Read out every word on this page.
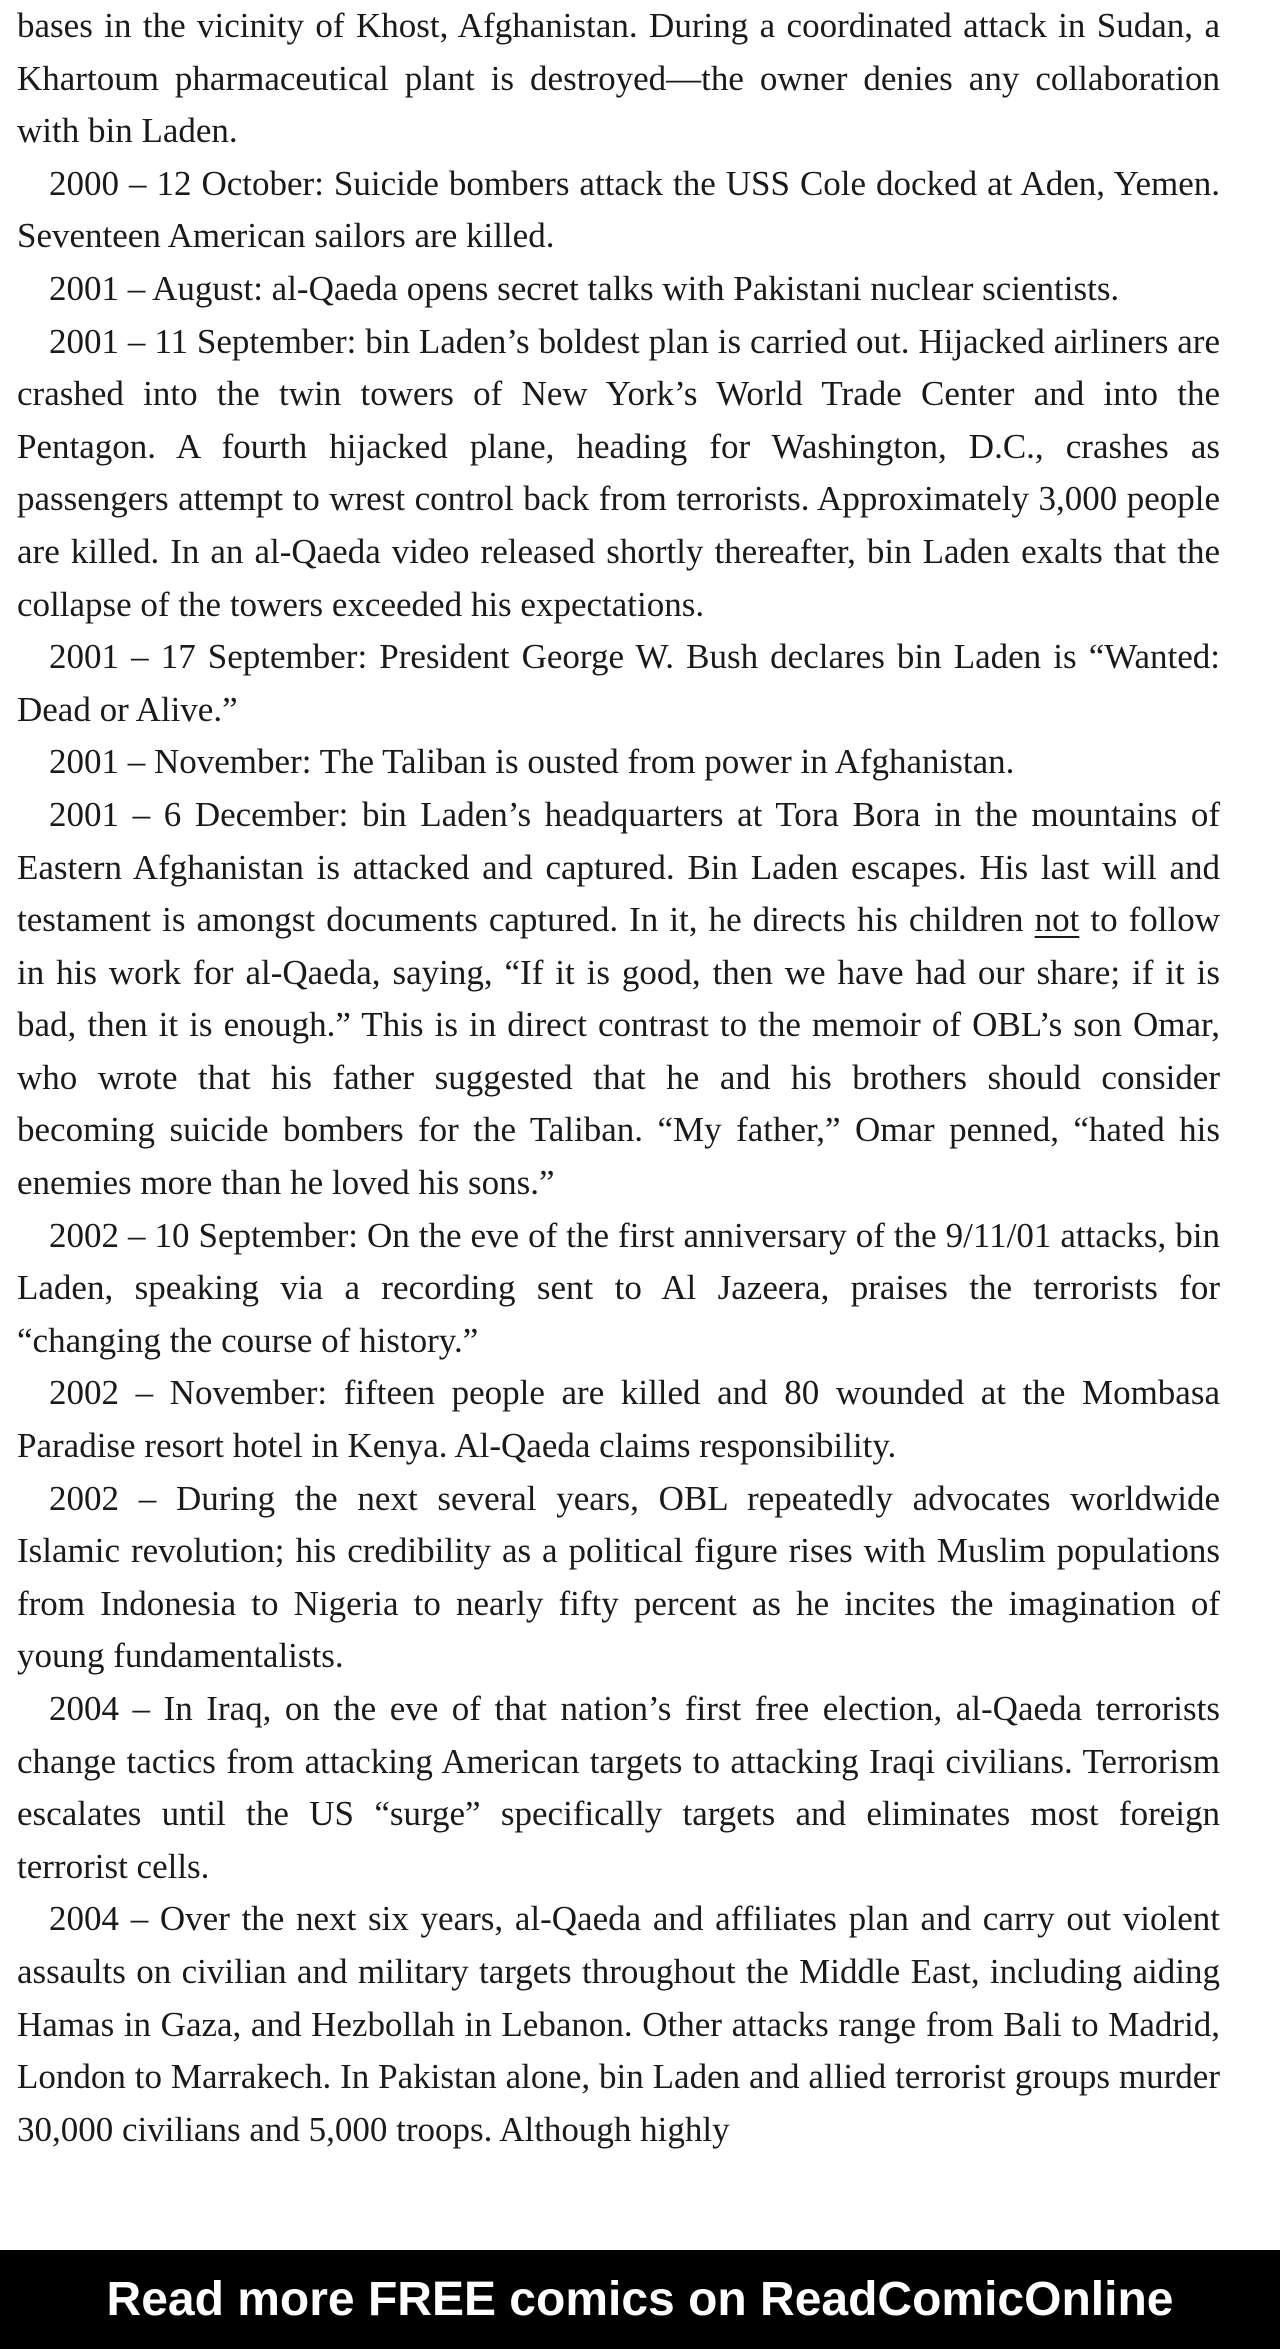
bases in the vicinity of Khost, Afghanistan. During a coordinated attack in Sudan, a Khartoum pharmaceutical plant is destroyed—the owner denies any collaboration with bin Laden.

2000 – 12 October: Suicide bombers attack the USS Cole docked at Aden, Yemen. Seventeen American sailors are killed.

2001 – August: al-Qaeda opens secret talks with Pakistani nuclear scientists.

2001 – 11 September: bin Laden’s boldest plan is carried out. Hijacked airliners are crashed into the twin towers of New York’s World Trade Center and into the Pentagon. A fourth hijacked plane, heading for Washington, D.C., crashes as passengers attempt to wrest control back from terrorists. Approximately 3,000 people are killed. In an al-Qaeda video released shortly thereafter, bin Laden exalts that the collapse of the towers exceeded his expectations.

2001 – 17 September: President George W. Bush declares bin Laden is “Wanted: Dead or Alive.”

2001 – November: The Taliban is ousted from power in Afghanistan.

2001 – 6 December: bin Laden’s headquarters at Tora Bora in the mountains of Eastern Afghanistan is attacked and captured. Bin Laden escapes. His last will and testament is amongst documents captured. In it, he directs his children not to follow in his work for al-Qaeda, saying, “If it is good, then we have had our share; if it is bad, then it is enough.” This is in direct contrast to the memoir of OBL’s son Omar, who wrote that his father suggested that he and his brothers should consider becoming suicide bombers for the Taliban. “My father,” Omar penned, “hated his enemies more than he loved his sons.”

2002 – 10 September: On the eve of the first anniversary of the 9/11/01 attacks, bin Laden, speaking via a recording sent to Al Jazeera, praises the terrorists for “changing the course of history.”

2002 – November: fifteen people are killed and 80 wounded at the Mombasa Paradise resort hotel in Kenya. Al-Qaeda claims responsibility.

2002 – During the next several years, OBL repeatedly advocates worldwide Islamic revolution; his credibility as a political figure rises with Muslim populations from Indonesia to Nigeria to nearly fifty percent as he incites the imagination of young fundamentalists.

2004 – In Iraq, on the eve of that nation’s first free election, al-Qaeda terrorists change tactics from attacking American targets to attacking Iraqi civilians. Terrorism escalates until the US “surge” specifically targets and eliminates most foreign terrorist cells.

2004 – Over the next six years, al-Qaeda and affiliates plan and carry out violent assaults on civilian and military targets throughout the Middle East, including aiding Hamas in Gaza, and Hezbollah in Lebanon. Other attacks range from Bali to Madrid, London to Marrakech. In Pakistan alone, bin Laden and allied terrorist groups murder 30,000 civilians and 5,000 troops. Although highly

Read more FREE comics on ReadComicOnline
